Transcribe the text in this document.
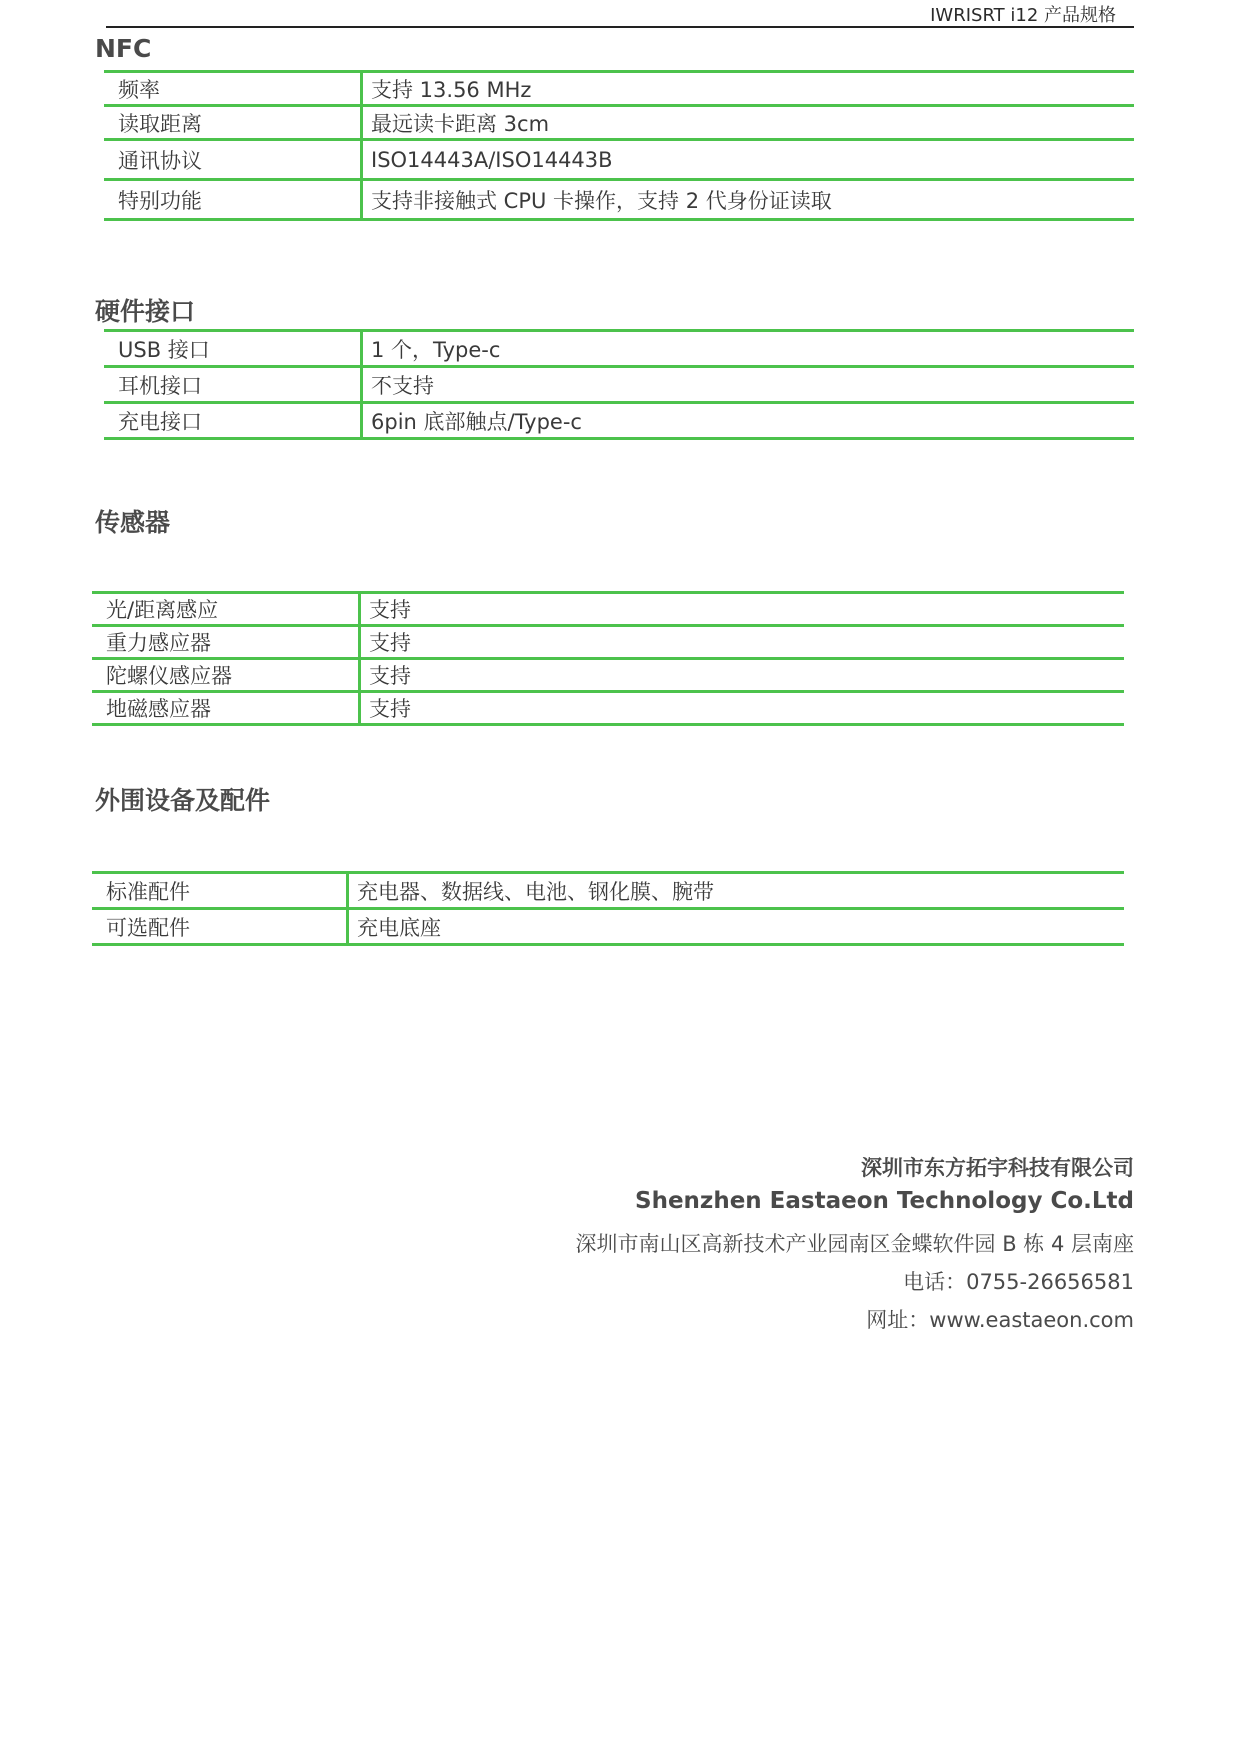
IWRISRT i12 产品规格
NFC
频率	支持 13.56 MHz
读取距离	最远读卡距离 3cm
通讯协议	ISO14443A/ISO14443B
特别功能	支持非接触式 CPU 卡操作，支持 2 代身份证读取
硬件接口
USB 接口	1 个，Type-c
耳机接口	不支持
充电接口	6pin 底部触点/Type-c
传感器
光/距离感应	支持
重力感应器	支持
陀螺仪感应器	支持
地磁感应器	支持
外围设备及配件
标准配件	充电器、数据线、电池、钢化膜、腕带
可选配件	充电底座
深圳市东方拓宇科技有限公司
Shenzhen Eastaeon Technology Co.Ltd
深圳市南山区高新技术产业园南区金蝶软件园 B 栋 4 层南座
电话：0755-26656581
网址：www.eastaeon.com
